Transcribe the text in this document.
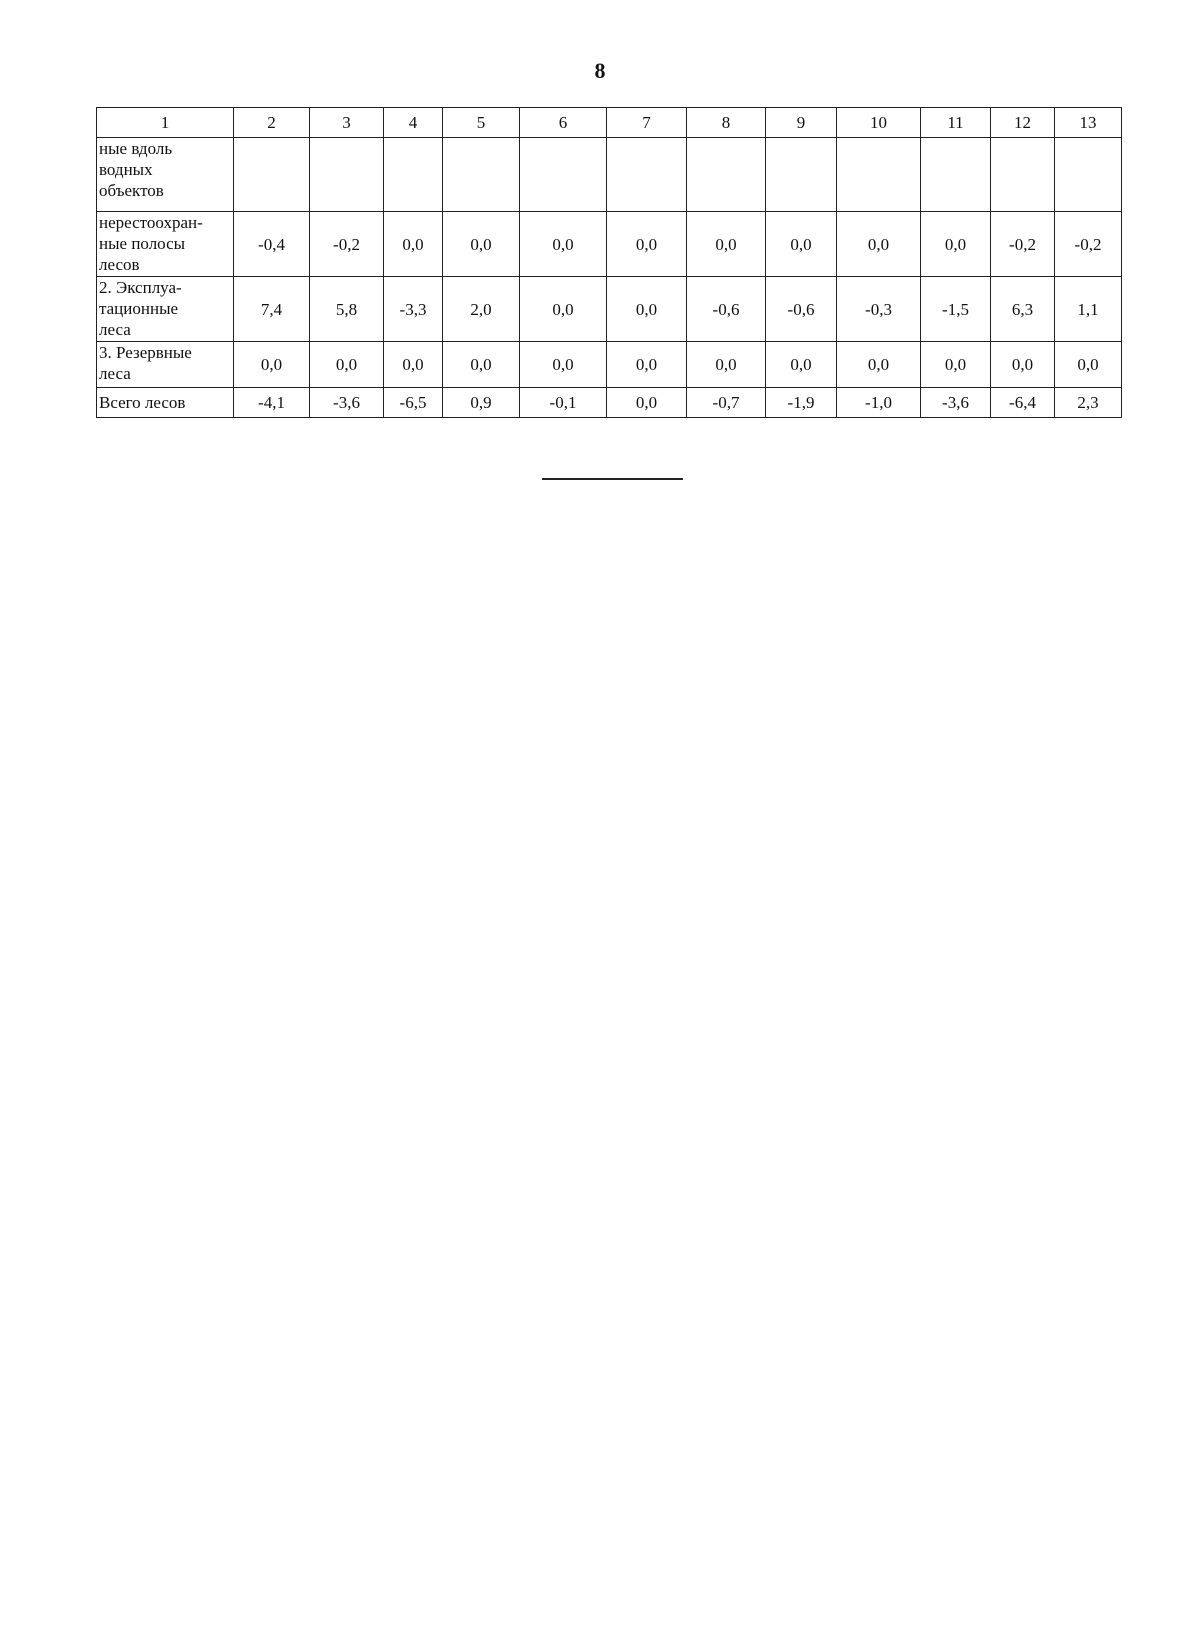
8
1	2	3	4	5	6	7	8	9	10	11	12	13

ные вдоль
водных
объектов												

нерестоохран-
ные полосы
лесов	-0,4	-0,2	0,0	0,0	0,0	0,0	0,0	0,0	0,0	0,0	-0,2	-0,2

2. Эксплуа-
тационные
леса	7,4	5,8	-3,3	2,0	0,0	0,0	-0,6	-0,6	-0,3	-1,5	6,3	1,1

3. Резервные
леса	0,0	0,0	0,0	0,0	0,0	0,0	0,0	0,0	0,0	0,0	0,0	0,0

Всего лесов	-4,1	-3,6	-6,5	0,9	-0,1	0,0	-0,7	-1,9	-1,0	-3,6	-6,4	2,3
